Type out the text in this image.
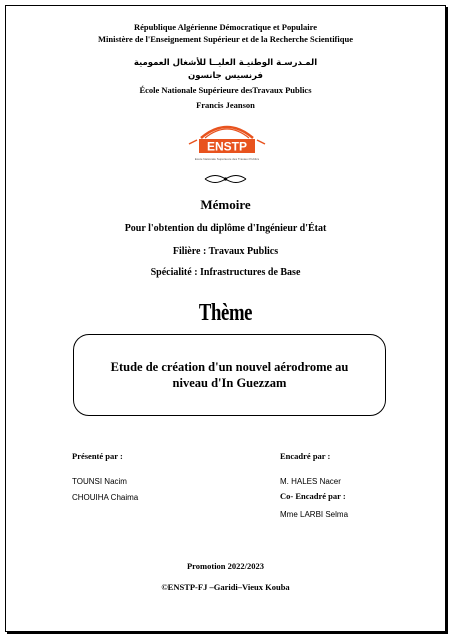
République Algérienne Démocratique et Populaire
Ministère de l'Enseignement Supérieur et de la Recherche Scientifique
المـدرسـة الوطنيـة العليــا للأشغال العمومية
فرنسيس جانسون
École Nationale Supérieure desTravaux Publics
Francis Jeanson
ENSTP
Ecole Nationale Supérieure des Travaux Publics
Mémoire
Pour l'obtention du diplôme d'Ingénieur d'État
Filière : Travaux Publics
Spécialité : Infrastructures de Base
Thème
Etude de création d'un nouvel aérodrome au niveau d'In Guezzam
Présenté par :
TOUNSI Nacim
CHOUIHA Chaima
Encadré par :
M. HALES Nacer
Co- Encadré par :
Mme LARBI Selma
Promotion 2022/2023
©ENSTP-FJ –Garidi–Vieux Kouba
